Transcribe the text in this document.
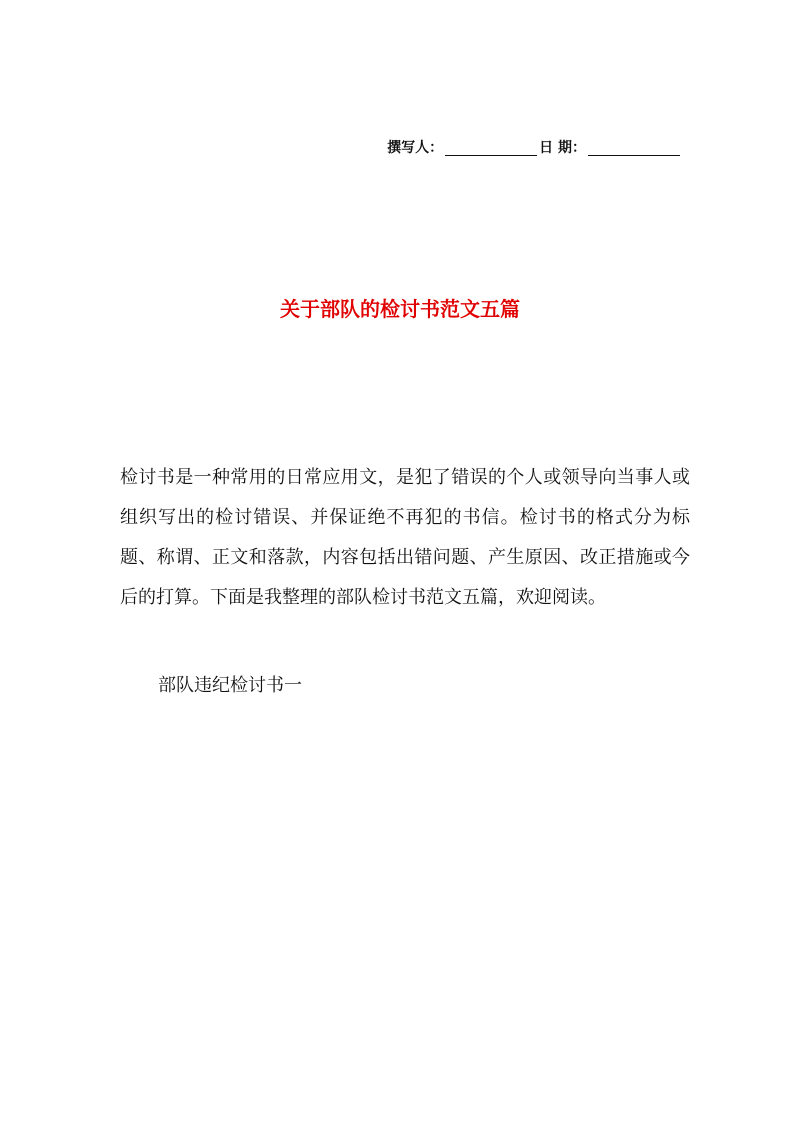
撰写人：	日 期：
关于部队的检讨书范文五篇

检讨书是一种常用的日常应用文，是犯了错误的个人或领导向当事人或组织写出的检讨错误、并保证绝不再犯的书信。检讨书的格式分为标题、称谓、正文和落款，内容包括出错问题、产生原因、改正措施或今后的打算。下面是我整理的部队检讨书范文五篇，欢迎阅读。

部队违纪检讨书一
